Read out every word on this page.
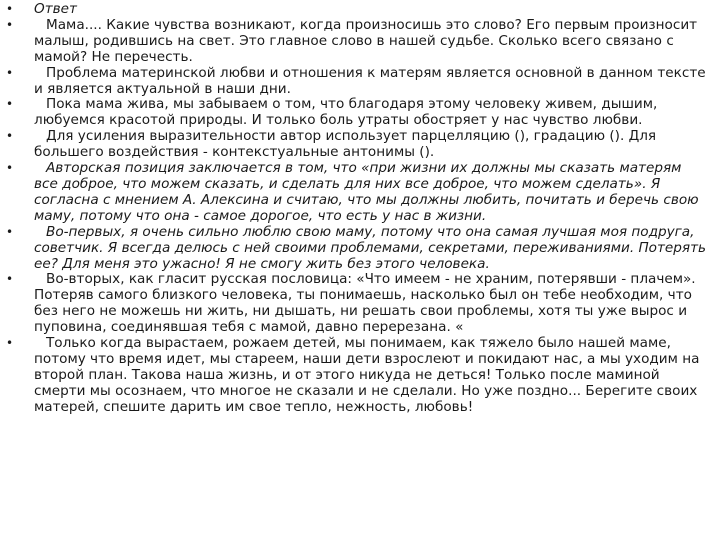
• Ответ
• Мама.... Какие чувства возникают, когда произносишь это слово? Его первым произносит малыш, родившись на свет. Это главное слово в нашей судьбе. Сколько всего связано с мамой? Не перечесть.
• Проблема материнской любви и отношения к матерям является основной в данном тексте и является актуальной в наши дни.
• Пока мама жива, мы забываем о том, что благодаря этому человеку живем, дышим, любуемся красотой природы. И только боль утраты обостряет у нас чувство любви.
• Для усиления выразительности автор использует парцелляцию (), градацию (). Для большего воздействия - контекстуальные антонимы ().
• Авторская позиция заключается в том, что «при жизни их должны мы сказать матерям все доброе, что можем сказать, и сделать для них все доброе, что можем сделать». Я согласна с мнением А. Алексина и считаю, что мы должны любить, почитать и беречь свою маму, потому что она - самое дорогое, что есть у нас в жизни.
• Во-первых, я очень сильно люблю свою маму, потому что она самая лучшая моя подруга, советчик. Я всегда делюсь с ней своими проблемами, секретами, переживаниями. Потерять ее? Для меня это ужасно! Я не смогу жить без этого человека.
• Во-вторых, как гласит русская пословица: «Что имеем - не храним, потерявши - плачем». Потеряв самого близкого человека, ты понимаешь, насколько был он тебе необходим, что без него не можешь ни жить, ни дышать, ни решать свои проблемы, хотя ты уже вырос и пуповина, соединявшая тебя с мамой, давно перерезана. «
• Только когда вырастаем, рожаем детей, мы понимаем, как тяжело было нашей маме, потому что время идет, мы стареем, наши дети взрослеют и покидают нас, а мы уходим на второй план. Такова наша жизнь, и от этого никуда не деться! Только после маминой смерти мы осознаем, что многое не сказали и не сделали. Но уже поздно... Берегите своих матерей, спешите дарить им свое тепло, нежность, любовь!
